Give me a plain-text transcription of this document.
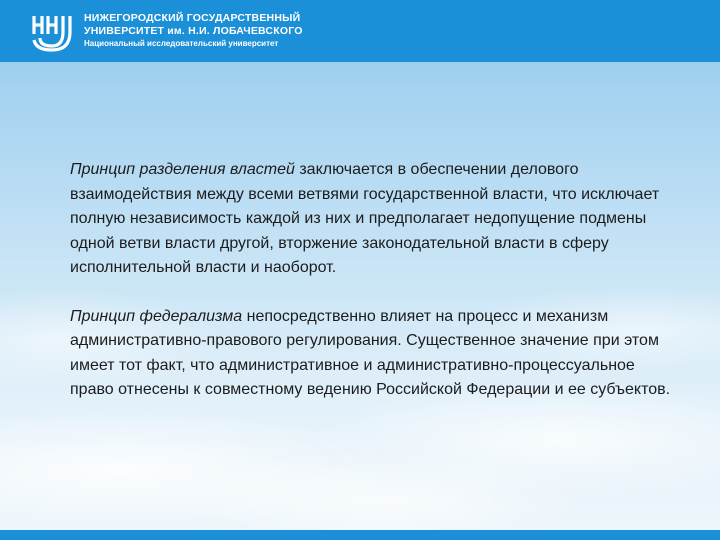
НИЖЕГОРОДСКИЙ ГОСУДАРСТВЕННЫЙ
УНИВЕРСИТЕТ им. Н.И. ЛОБАЧЕВСКОГО
Национальный исследовательский университет

Принцип разделения властей заключается в обеспечении делового взаимодействия между всеми ветвями государственной власти, что исключает полную независимость каждой из них и предполагает недопущение подмены одной ветви власти другой, вторжение законодательной власти в сферу исполнительной власти и наоборот.

Принцип федерализма непосредственно влияет на процесс и механизм административно-правового регулирования. Существенное значение при этом имеет тот факт, что административное и административно-процессуальное право отнесены к совместному ведению Российской Федерации и ее субъектов.
